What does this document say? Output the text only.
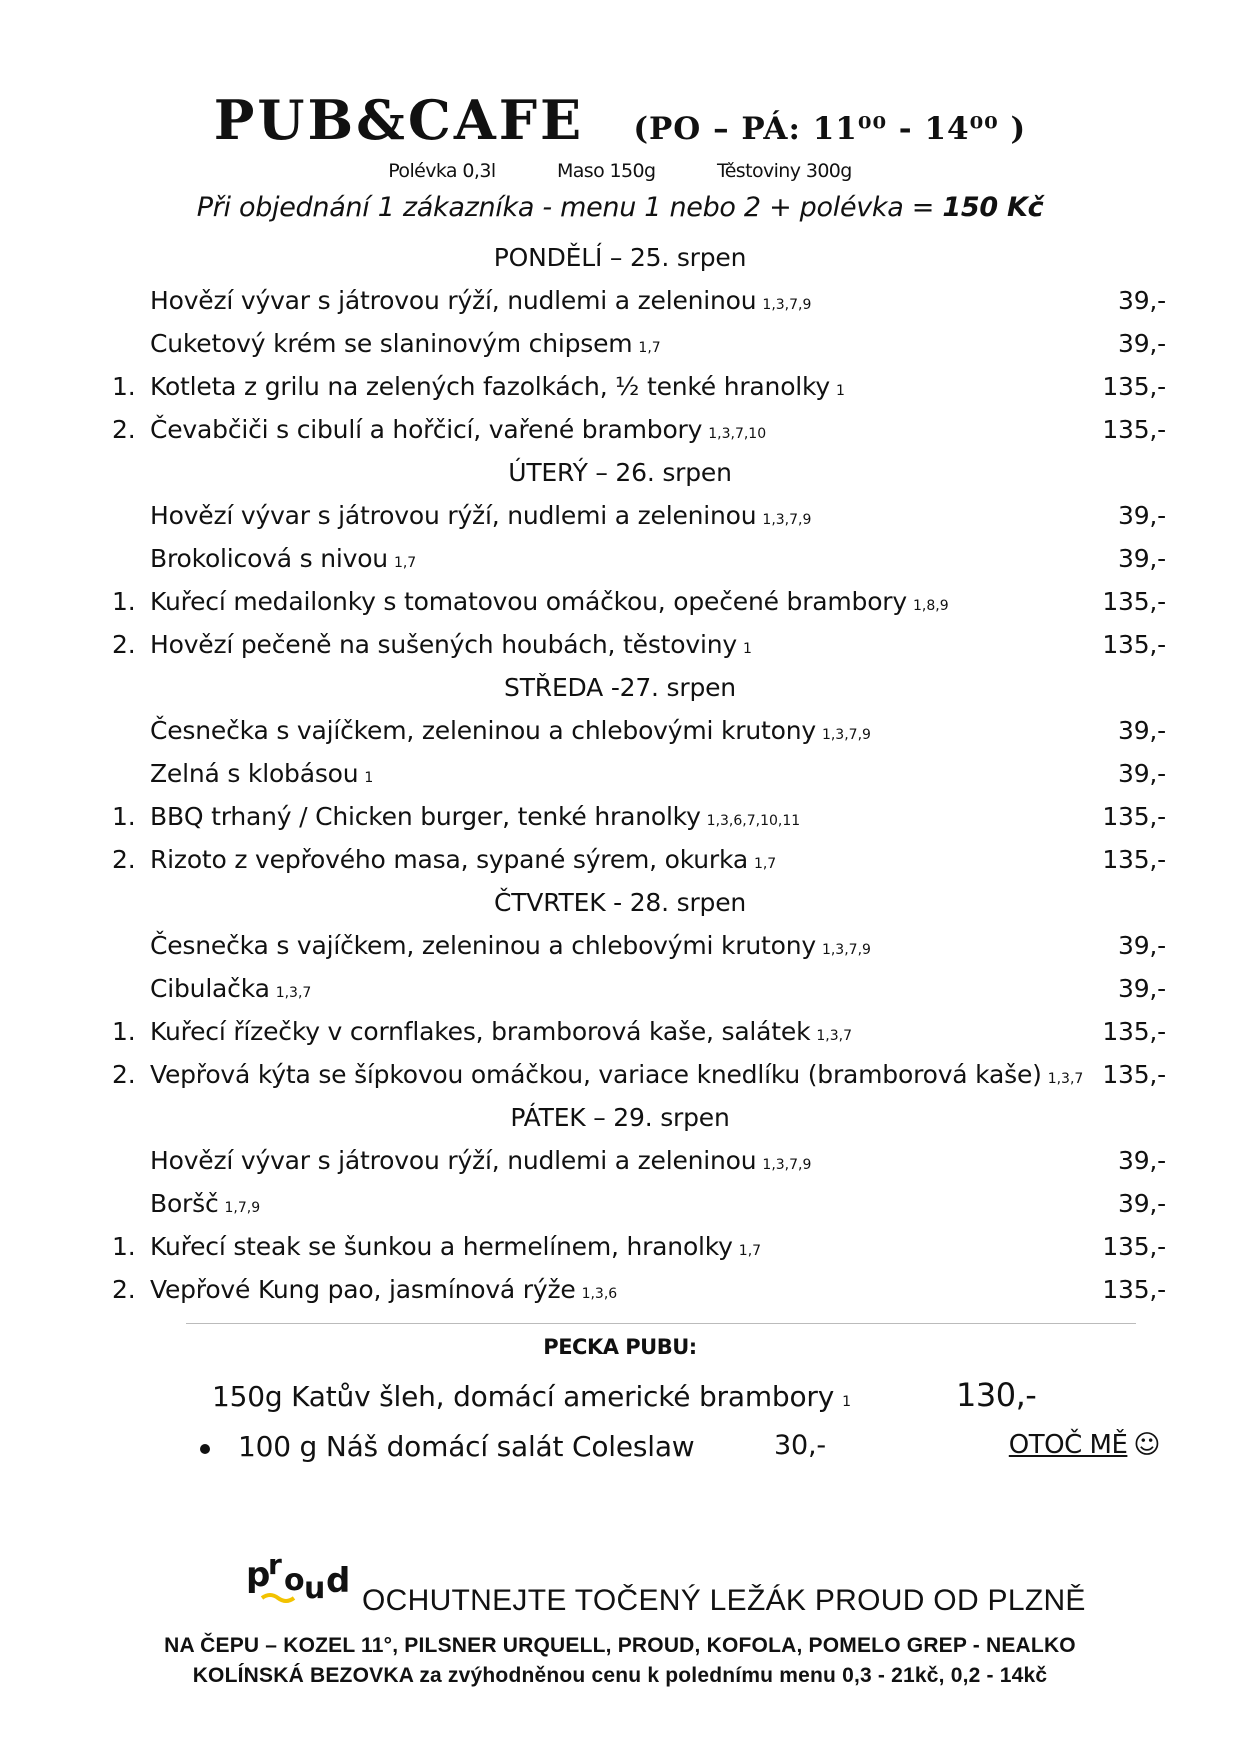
PUB&CAFE (PO – PÁ: 11⁰⁰ - 14⁰⁰ )
Polévka 0,3l	Maso 150g	Těstoviny 300g
Při objednání 1 zákazníka - menu 1 nebo 2 + polévka = 150 Kč
PONDĚLÍ – 25. srpen
Hovězí vývar s játrovou rýží, nudlemi a zeleninou 1,3,7,9	39,-
Cuketový krém se slaninovým chipsem 1,7	39,-
1. Kotleta z grilu na zelených fazolkách, ½ tenké hranolky 1	135,-
2. Čevabčiči s cibulí a hořčicí, vařené brambory 1,3,7,10	135,-
ÚTERÝ – 26. srpen
Hovězí vývar s játrovou rýží, nudlemi a zeleninou 1,3,7,9	39,-
Brokolicová s nivou 1,7	39,-
1. Kuřecí medailonky s tomatovou omáčkou, opečené brambory 1,8,9	135,-
2. Hovězí pečeně na sušených houbách, těstoviny 1	135,-
STŘEDA -27. srpen
Česnečka s vajíčkem, zeleninou a chlebovými krutony 1,3,7,9	39,-
Zelná s klobásou 1	39,-
1. BBQ trhaný / Chicken burger, tenké hranolky 1,3,6,7,10,11	135,-
2. Rizoto z vepřového masa, sypané sýrem, okurka 1,7	135,-
ČTVRTEK - 28. srpen
Česnečka s vajíčkem, zeleninou a chlebovými krutony 1,3,7,9	39,-
Cibulačka 1,3,7	39,-
1. Kuřecí řízečky v cornflakes, bramborová kaše, salátek 1,3,7	135,-
2. Vepřová kýta se šípkovou omáčkou, variace knedlíku (bramborová kaše) 1,3,7 135,-
PÁTEK – 29. srpen
Hovězí vývar s játrovou rýží, nudlemi a zeleninou 1,3,7,9	39,-
Boršč 1,7,9	39,-
1. Kuřecí steak se šunkou a hermelínem, hranolky 1,7	135,-
2. Vepřové Kung pao, jasmínová rýže 1,3,6	135,-
PECKA PUBU:
150g Katův šleh, domácí americké brambory 1	130,-
100 g Náš domácí salát Coleslaw	30,-	OTOČ MĚ ☺
p
r o u d OCHUTNEJTE TOČENÝ LEŽÁK PROUD OD PLZNĚ
NA ČEPU – KOZEL 11°, PILSNER URQUELL, PROUD, KOFOLA, POMELO GREP - NEALKO
KOLÍNSKÁ BEZOVKA za zvýhodněnou cenu k polednímu menu 0,3 - 21kč, 0,2 - 14kč
